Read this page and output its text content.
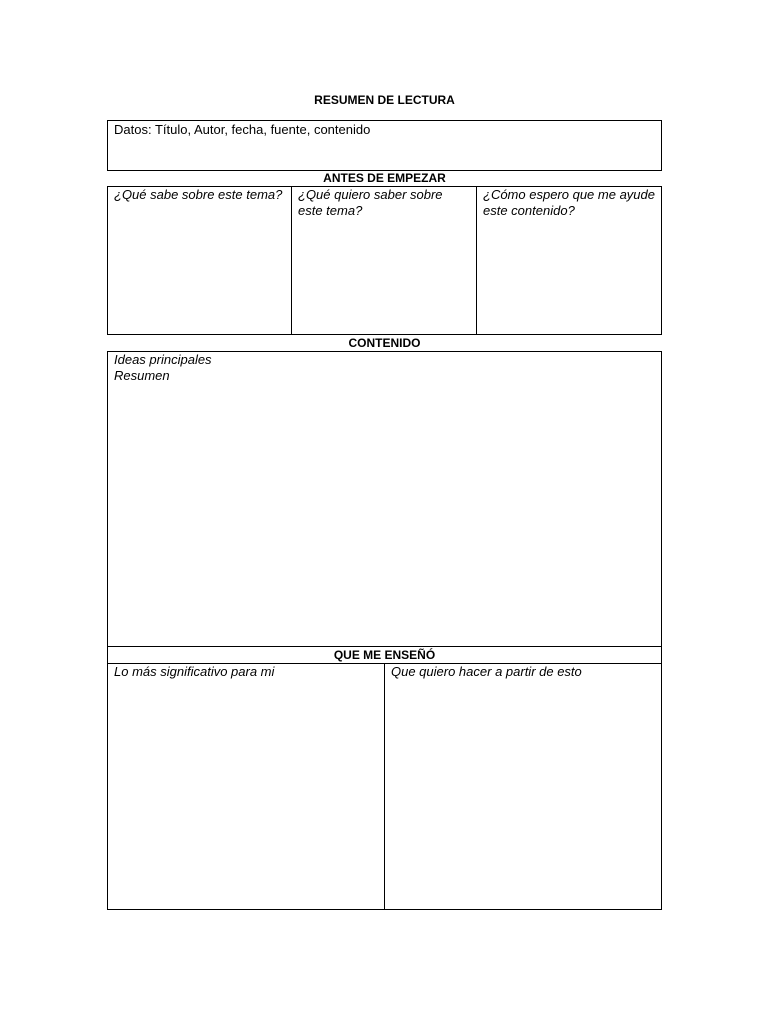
RESUMEN DE LECTURA
Datos: Título, Autor, fecha, fuente, contenido
ANTES DE EMPEZAR
¿Qué sabe sobre este tema? ¿Qué quiero saber sobre este tema?
¿Cómo espero que me ayude este contenido?
CONTENIDO
Ideas principales
Resumen
QUE ME ENSEÑÓ
Lo más significativo para mi	Que quiero hacer a partir de esto
